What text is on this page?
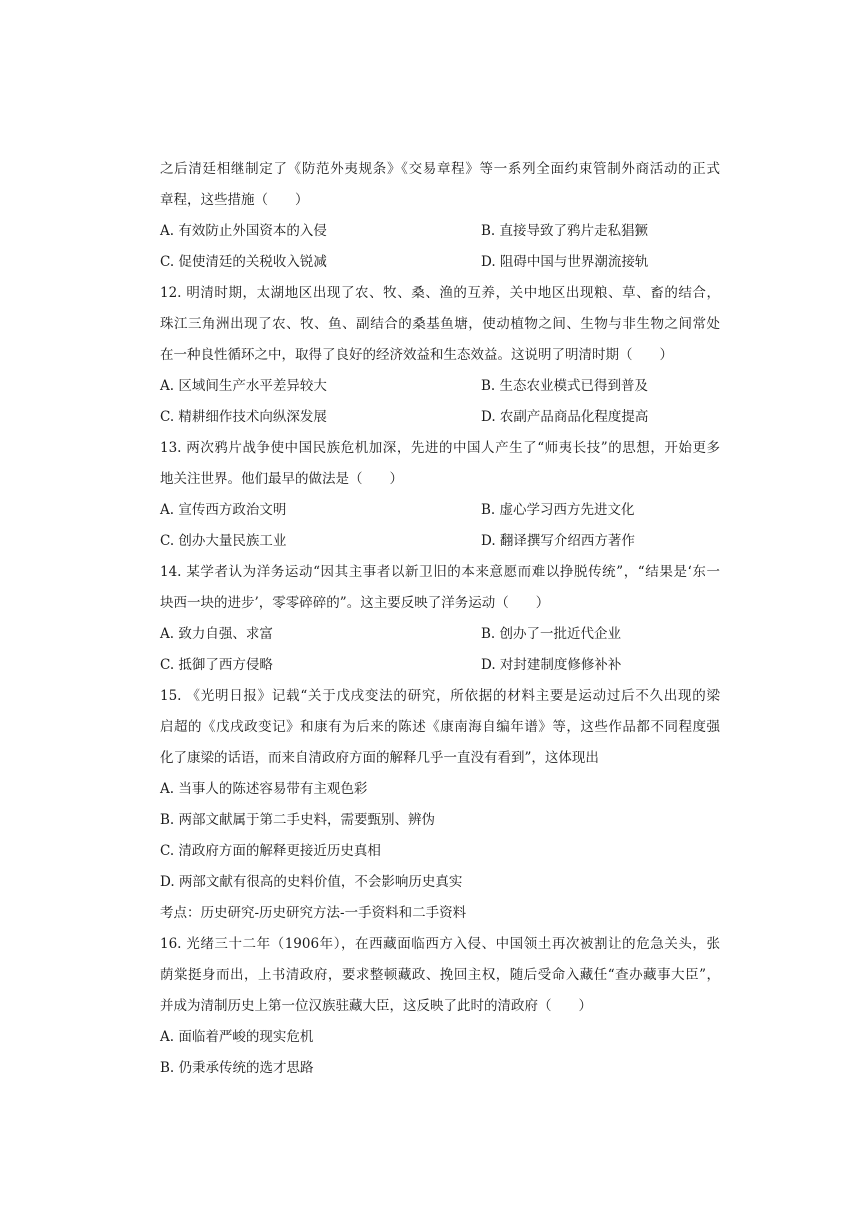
之后清廷相继制定了《防范外夷规条》《交易章程》等一系列全面约束管制外商活动的正式
章程，这些措施（　　）
A. 有效防止外国资本的入侵	B. 直接导致了鸦片走私猖獗
C. 促使清廷的关税收入锐减	D. 阻碍中国与世界潮流接轨
12. 明清时期，太湖地区出现了农、牧、桑、渔的互养，关中地区出现粮、草、畜的结合，
珠江三角洲出现了农、牧、鱼、副结合的桑基鱼塘，使动植物之间、生物与非生物之间常处
在一种良性循环之中，取得了良好的经济效益和生态效益。这说明了明清时期（　　）
A. 区域间生产水平差异较大	B. 生态农业模式已得到普及
C. 精耕细作技术向纵深发展	D. 农副产品商品化程度提高
13. 两次鸦片战争使中国民族危机加深，先进的中国人产生了“师夷长技”的思想，开始更多
地关注世界。他们最早的做法是（　　）
A. 宣传西方政治文明	B. 虚心学习西方先进文化
C. 创办大量民族工业	D. 翻译撰写介绍西方著作
14. 某学者认为洋务运动“因其主事者以新卫旧的本来意愿而难以挣脱传统”，“结果是‘东一
块西一块的进步’，零零碎碎的”。这主要反映了洋务运动（　　）
A. 致力自强、求富	B. 创办了一批近代企业
C. 抵御了西方侵略	D. 对封建制度修修补补
15. 《光明日报》记载“关于戊戌变法的研究，所依据的材料主要是运动过后不久出现的梁
启超的《戊戌政变记》和康有为后来的陈述《康南海自编年谱》等，这些作品都不同程度强
化了康梁的话语，而来自清政府方面的解释几乎一直没有看到”，这体现出
A. 当事人的陈述容易带有主观色彩
B. 两部文献属于第二手史料，需要甄别、辨伪
C. 清政府方面的解释更接近历史真相
D. 两部文献有很高的史料价值，不会影响历史真实
考点：历史研究-历史研究方法-一手资料和二手资料
16. 光绪三十二年（1906年），在西藏面临西方入侵、中国领土再次被割让的危急关头，张
荫棠挺身而出，上书清政府，要求整顿藏政、挽回主权，随后受命入藏任“查办藏事大臣”，
并成为清制历史上第一位汉族驻藏大臣，这反映了此时的清政府（　　）
A. 面临着严峻的现实危机
B. 仍秉承传统的选才思路
